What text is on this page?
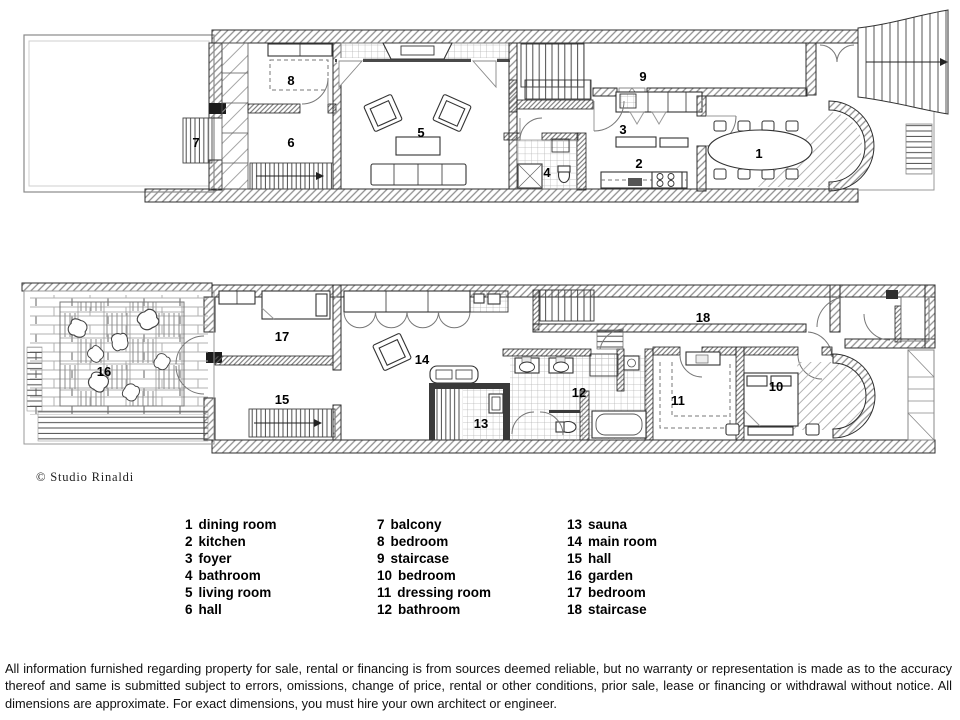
8
7	6
5
9
3
2
4
1
16
17
15
14
13
12
18
11
10
© Studio Rinaldi
1 dining room
2 kitchen
3 foyer
4 bathroom
5 living room
6 hall
7 balcony
8 bedroom
9 staircase
10 bedroom
11 dressing room
12 bathroom
13 sauna
14 main room
15 hall
16 garden
17 bedroom
18 staircase
All information furnished regarding property for sale, rental or financing is from sources deemed reliable, but no warranty or representation is made as to the accuracy thereof and same is submitted subject to errors, omissions, change of price, rental or other conditions, prior sale, lease or financing or withdrawal without notice. All dimensions are approximate. For exact dimensions, you must hire your own architect or engineer.
